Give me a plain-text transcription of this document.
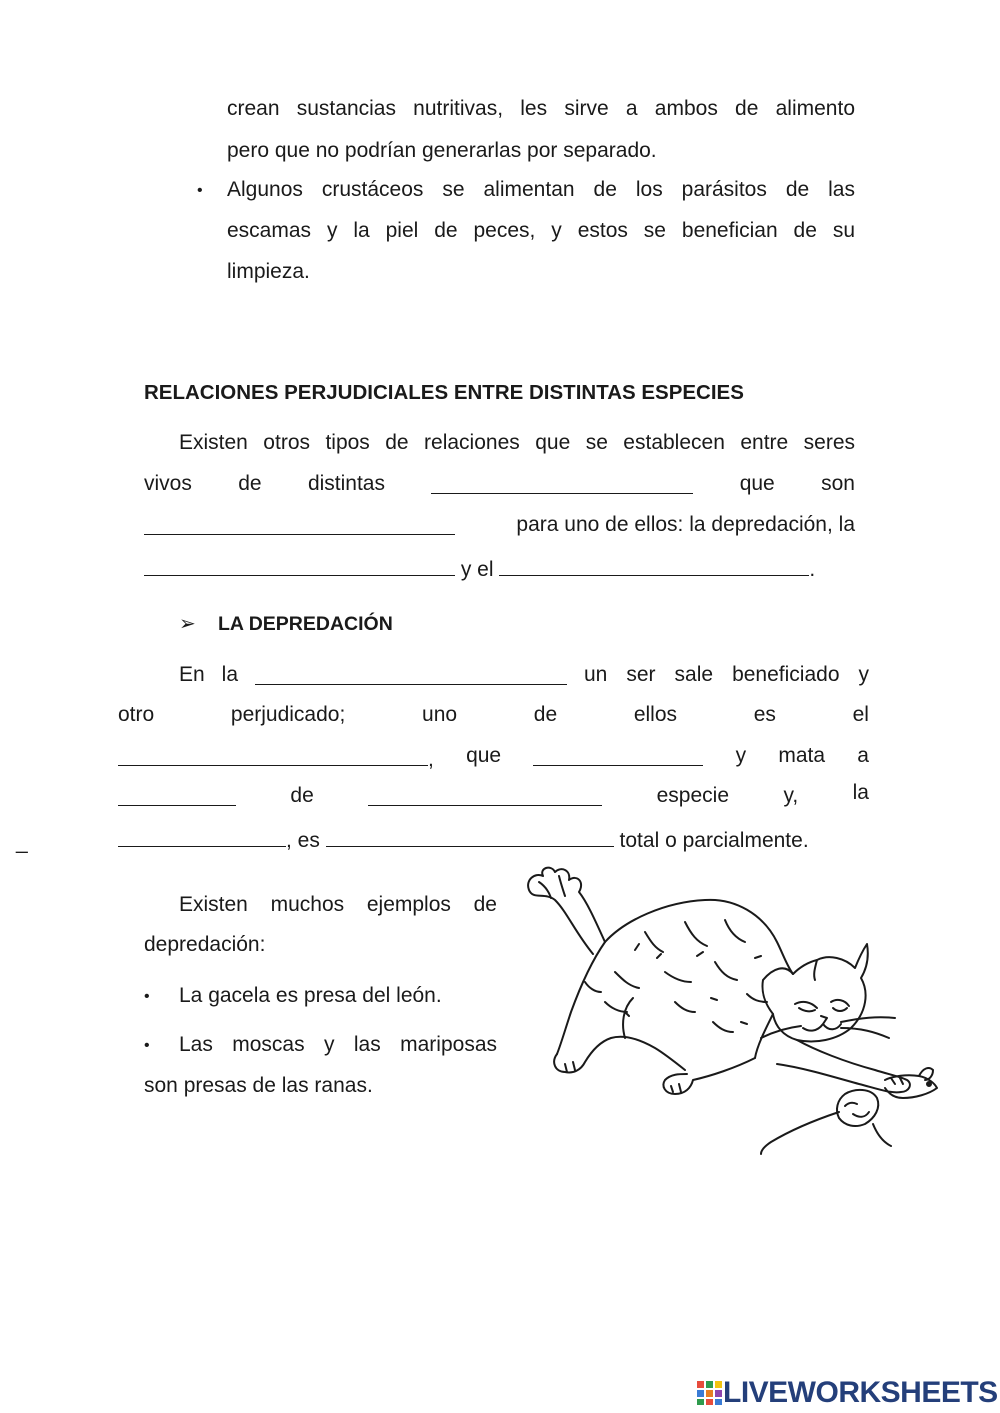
crean sustancias nutritivas, les sirve a ambos de alimento
pero que no podrían generarlas por separado.
• Algunos crustáceos se alimentan de los parásitos de las
escamas y la piel de peces, y estos se benefician de su
limpieza.
RELACIONES PERJUDICIALES ENTRE DISTINTAS ESPECIES
Existen otros tipos de relaciones que se establecen entre seres
vivos de distintas	que son
para uno de ellos: la depredación, la
y el	.
➢ LA DEPREDACIÓN
En la	un ser sale beneficiado y
otro	perjudicado;	uno	de	ellos	es	el
, que	y mata a
de	especie	y,	la
_	, es	total o parcialmente.
Existen muchos ejemplos de
depredación:
• La gacela es presa del león.
• Las moscas y las mariposas
son presas de las ranas.
LIVEWORKSHEETS
